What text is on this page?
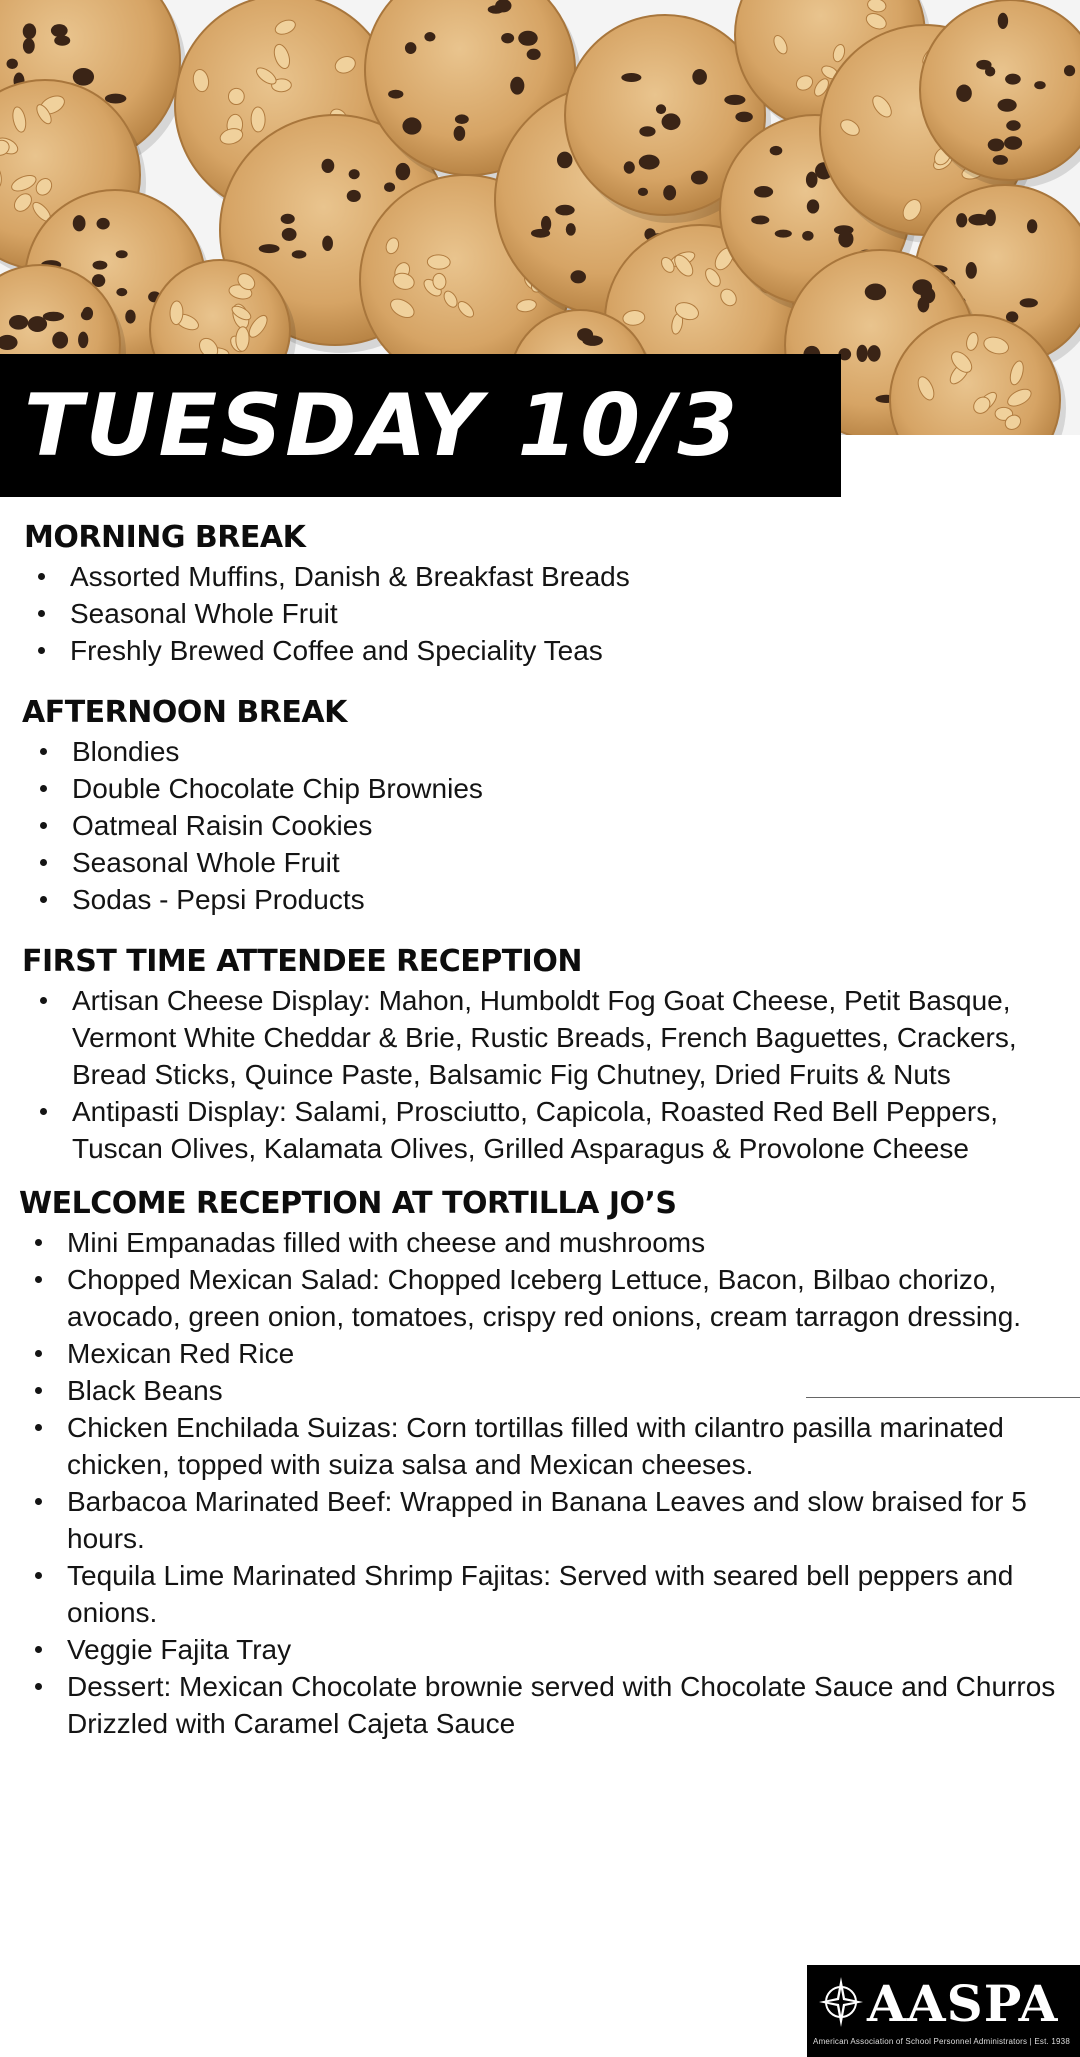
TUESDAY 10/3
MORNING BREAK
Assorted Muffins, Danish & Breakfast Breads
Seasonal Whole Fruit
Freshly Brewed Coffee and Speciality Teas
AFTERNOON BREAK
Blondies
Double Chocolate Chip Brownies
Oatmeal Raisin Cookies
Seasonal Whole Fruit
Sodas - Pepsi Products
FIRST TIME ATTENDEE RECEPTION
Artisan Cheese Display: Mahon, Humboldt Fog Goat Cheese, Petit Basque, Vermont White Cheddar & Brie, Rustic Breads, French Baguettes, Crackers, Bread Sticks, Quince Paste, Balsamic Fig Chutney, Dried Fruits & Nuts
Antipasti Display: Salami, Prosciutto, Capicola, Roasted Red Bell Peppers, Tuscan Olives, Kalamata Olives, Grilled Asparagus & Provolone Cheese
WELCOME RECEPTION AT TORTILLA JO’S
Mini Empanadas filled with cheese and mushrooms
Chopped Mexican Salad: Chopped Iceberg Lettuce, Bacon, Bilbao chorizo, avocado, green onion, tomatoes, crispy red onions, cream tarragon dressing.
Mexican Red Rice
Black Beans
Chicken Enchilada Suizas: Corn tortillas filled with cilantro pasilla marinated chicken, topped with suiza salsa and Mexican cheeses.
Barbacoa Marinated Beef: Wrapped in Banana Leaves and slow braised for 5 hours.
Tequila Lime Marinated Shrimp Fajitas: Served with seared bell peppers and onions.
Veggie Fajita Tray
Dessert: Mexican Chocolate brownie served with Chocolate Sauce and Churros Drizzled with Caramel Cajeta Sauce
AASPA
American Association of School Personnel Administrators | Est. 1938
